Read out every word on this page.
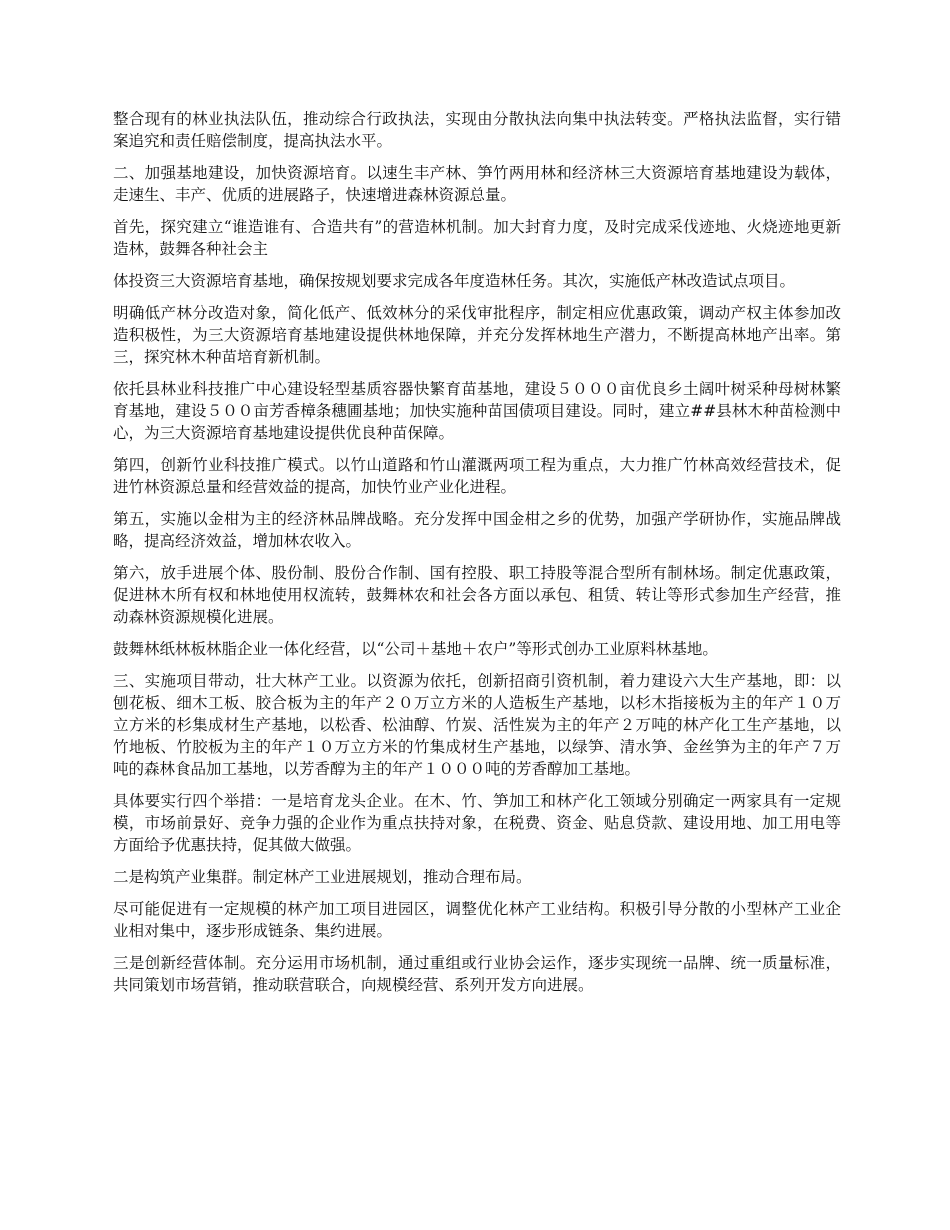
整合现有的林业执法队伍，推动综合行政执法，实现由分散执法向集中执法转变。严格执法监督，实行错案追究和责任赔偿制度，提高执法水平。

二、加强基地建设，加快资源培育。以速生丰产林、笋竹两用林和经济林三大资源培育基地建设为载体，走速生、丰产、优质的进展路子，快速增进森林资源总量。

首先，探究建立“谁造谁有、合造共有”的营造林机制。加大封育力度，及时完成采伐迹地、火烧迹地更新造林，鼓舞各种社会主

体投资三大资源培育基地，确保按规划要求完成各年度造林任务。其次，实施低产林改造试点项目。

明确低产林分改造对象，简化低产、低效林分的采伐审批程序，制定相应优惠政策，调动产权主体参加改造积极性，为三大资源培育基地建设提供林地保障，并充分发挥林地生产潜力，不断提高林地产出率。第三，探究林木种苗培育新机制。

依托县林业科技推广中心建设轻型基质容器快繁育苗基地，建设５０００亩优良乡土阔叶树采种母树林繁育基地，建设５００亩芳香樟条穗圃基地；加快实施种苗国债项目建设。同时，建立##县林木种苗检测中心，为三大资源培育基地建设提供优良种苗保障。

第四，创新竹业科技推广模式。以竹山道路和竹山灌溉两项工程为重点，大力推广竹林高效经营技术，促进竹林资源总量和经营效益的提高，加快竹业产业化进程。

第五，实施以金柑为主的经济林品牌战略。充分发挥中国金柑之乡的优势，加强产学研协作，实施品牌战略，提高经济效益，增加林农收入。

第六，放手进展个体、股份制、股份合作制、国有控股、职工持股等混合型所有制林场。制定优惠政策，促进林木所有权和林地使用权流转，鼓舞林农和社会各方面以承包、租赁、转让等形式参加生产经营，推动森林资源规模化进展。

鼓舞林纸林板林脂企业一体化经营，以“公司＋基地＋农户”等形式创办工业原料林基地。

三、实施项目带动，壮大林产工业。以资源为依托，创新招商引资机制，着力建设六大生产基地，即：以刨花板、细木工板、胶合板为主的年产２０万立方米的人造板生产基地，以杉木指接板为主的年产１０万立方米的杉集成材生产基地，以松香、松油醇、竹炭、活性炭为主的年产２万吨的林产化工生产基地，以竹地板、竹胶板为主的年产１０万立方米的竹集成材生产基地，以绿笋、清水笋、金丝笋为主的年产７万吨的森林食品加工基地，以芳香醇为主的年产１０００吨的芳香醇加工基地。

具体要实行四个举措：一是培育龙头企业。在木、竹、笋加工和林产化工领域分别确定一两家具有一定规模，市场前景好、竞争力强的企业作为重点扶持对象，在税费、资金、贴息贷款、建设用地、加工用电等方面给予优惠扶持，促其做大做强。

二是构筑产业集群。制定林产工业进展规划，推动合理布局。

尽可能促进有一定规模的林产加工项目进园区，调整优化林产工业结构。积极引导分散的小型林产工业企业相对集中，逐步形成链条、集约进展。

三是创新经营体制。充分运用市场机制，通过重组或行业协会运作，逐步实现统一品牌、统一质量标准，共同策划市场营销，推动联营联合，向规模经营、系列开发方向进展。
